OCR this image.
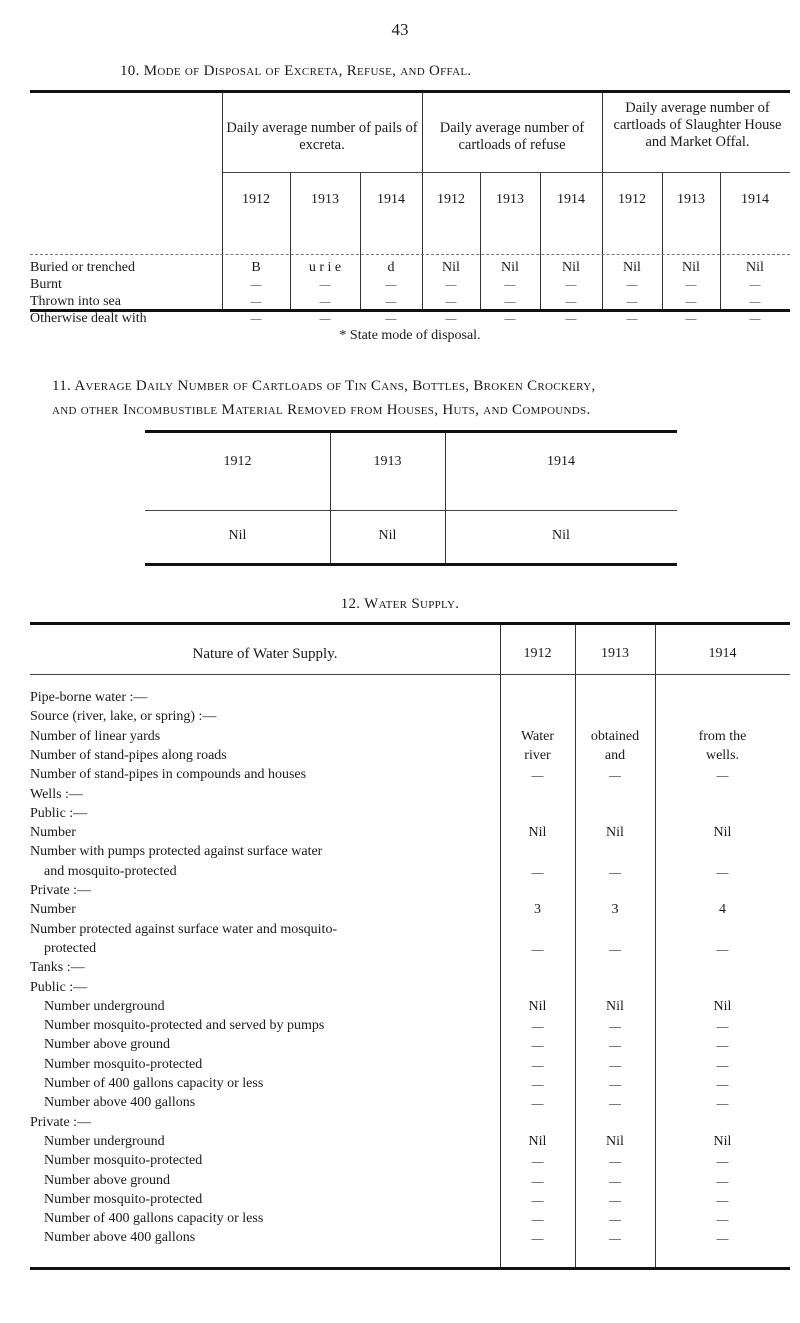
43
10. Mode of Disposal of Excreta, Refuse, and Offal.
Daily average number of pails of excreta.
Daily average number of cartloads of refuse
Daily average number of cartloads of Slaughter House and Market Offal.
1912	1913	1914	1912	1913	1914	1912	1913	1914
Buried or trenched	B	u r i e	d	Nil	Nil	Nil	Nil	Nil	Nil
Burnt	—	—	—	—	—	—	—	—	—
Thrown into sea	—	—	—	—	—	—	—	—	—
Otherwise dealt with	—	—	—	—	—	—	—	—	—
* State mode of disposal.
11. Average Daily Number of Cartloads of Tin Cans, Bottles, Broken Crockery,
and other Incombustible Material Removed from Houses, Huts, and Compounds.
1912	1913	1914
Nil	Nil	Nil
12. Water Supply.
Nature of Water Supply.	1912	1913	1914
Pipe-borne water :—
Source (river, lake, or spring) :—
Number of linear yards	Water	obtained	from the
Number of stand-pipes along roads	river	and	wells.
Number of stand-pipes in compounds and houses	—	—	—
Wells :—
Public :—
Number	Nil	Nil	Nil
Number with pumps protected against surface water
and mosquito-protected	—	—	—
Private :—
Number	3	3	4
Number protected against surface water and mosquito-
protected	—	—	—
Tanks :—
Public :—
Number underground	Nil	Nil	Nil
Number mosquito-protected and served by pumps	—	—	—
Number above ground	—	—	—
Number mosquito-protected	—	—	—
Number of 400 gallons capacity or less	—	—	—
Number above 400 gallons	—	—	—
Private :—
Number underground	Nil	Nil	Nil
Number mosquito-protected	—	—	—
Number above ground	—	—	—
Number mosquito-protected	—	—	—
Number of 400 gallons capacity or less	—	—	—
Number above 400 gallons	—	—	—
